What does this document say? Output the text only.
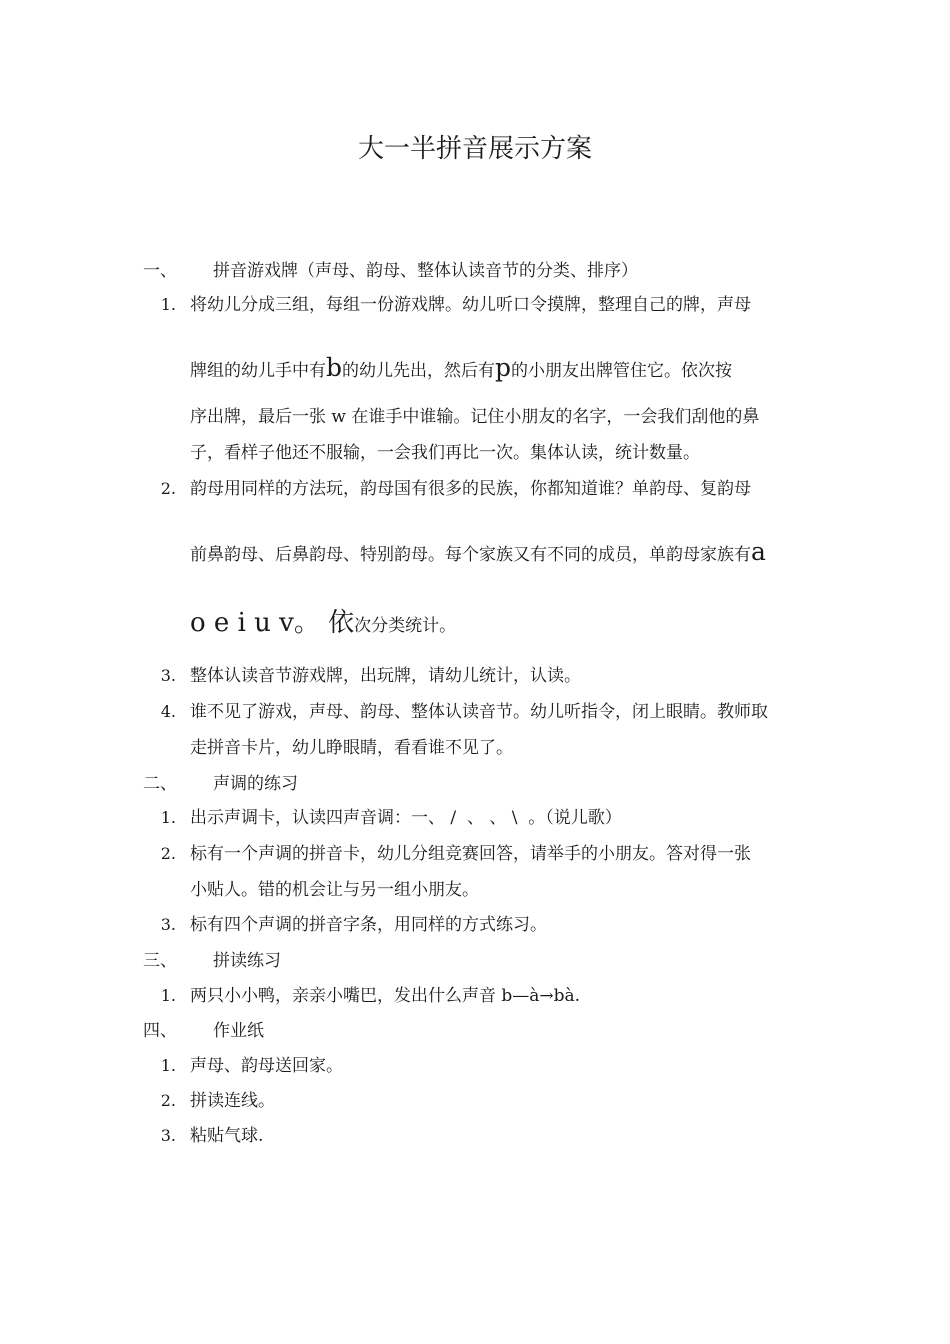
大一半拼音展示方案
一、 拼音游戏牌（声母、韵母、整体认读音节的分类、排序）
1. 将幼儿分成三组，每组一份游戏牌。幼儿听口令摸牌，整理自己的牌，声母
牌组的幼儿手中有b的幼儿先出，然后有p的小朋友出牌管住它。依次按
序出牌，最后一张 w 在谁手中谁输。记住小朋友的名字，一会我们刮他的鼻
子，看样子他还不服输，一会我们再比一次。集体认读，统计数量。
2. 韵母用同样的方法玩，韵母国有很多的民族，你都知道谁？单韵母、复韵母
前鼻韵母、后鼻韵母、特别韵母。每个家族又有不同的成员，单韵母家族有a
o e i u v。 依次分类统计。
3. 整体认读音节游戏牌，出玩牌，请幼儿统计，认读。
4. 谁不见了游戏，声母、韵母、整体认读音节。幼儿听指令，闭上眼睛。教师取
走拼音卡片，幼儿睁眼睛，看看谁不见了。
二、 声调的练习
1. 出示声调卡，认读四声音调：一、 /  、 、 \  。（说儿歌）
2. 标有一个声调的拼音卡，幼儿分组竞赛回答，请举手的小朋友。答对得一张
小贴人。错的机会让与另一组小朋友。
3. 标有四个声调的拼音字条，用同样的方式练习。
三、 拼读练习
1. 两只小小鸭，亲亲小嘴巴，发出什么声音 b—à→bà.
四、 作业纸
1. 声母、韵母送回家。
2. 拼读连线。
3. 粘贴气球.
